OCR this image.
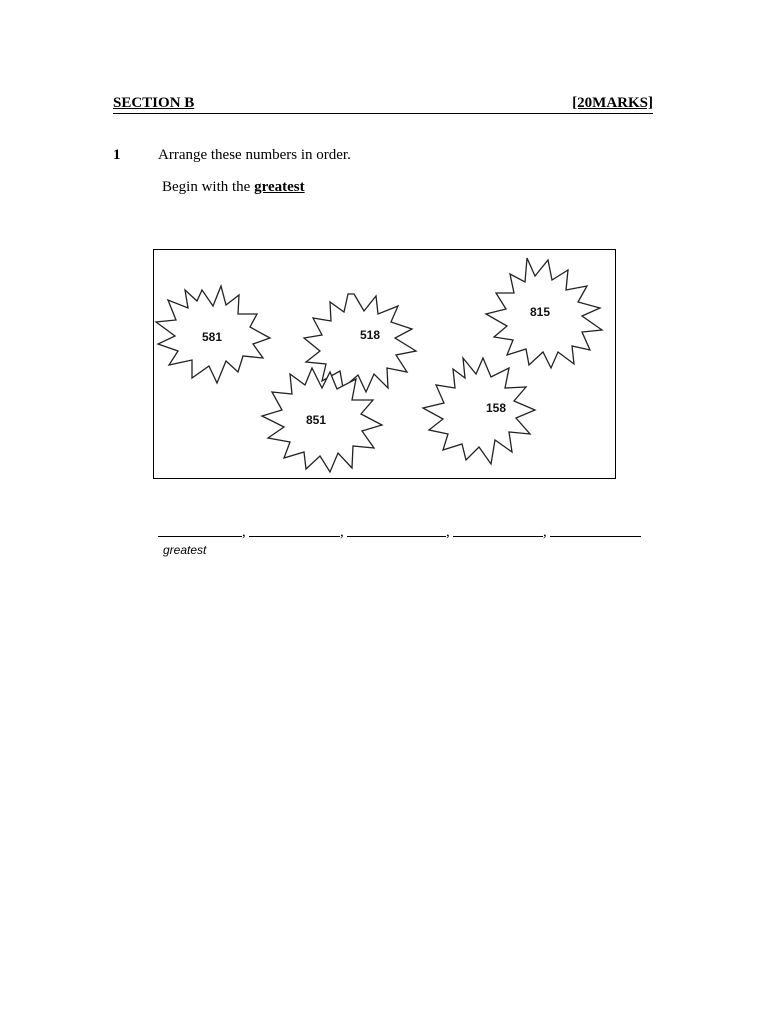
SECTION B	[20MARKS]
1	Arrange these numbers in order.
Begin with the greatest
581	518
815
851
158
,	,	,	,
greatest
